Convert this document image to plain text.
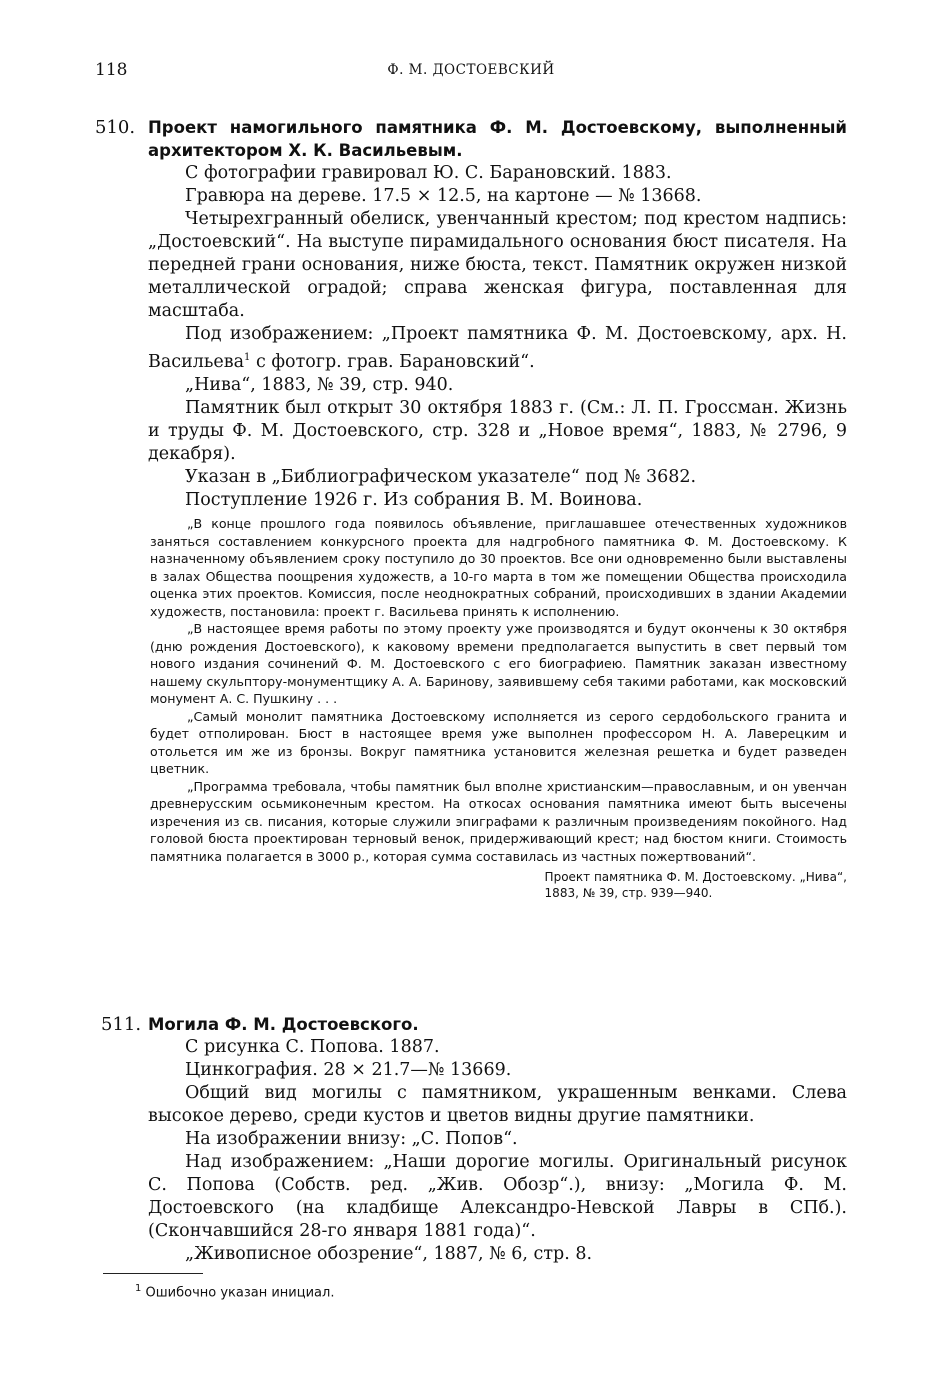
118	Ф. М. ДОСТОЕВСКИЙ
510. Проект намогильного памятника Ф. М. Достоевскому, выполненный архитектором Х. К. Васильевым.

С фотографии гравировал Ю. С. Барановский. 1883.

Гравюра на дереве. 17.5 × 12.5, на картоне — № 13668.

Четырехгранный обелиск, увенчанный крестом; под крестом надпись: „Достоевский“. На выступе пирамидального основания бюст писателя. На передней грани основания, ниже бюста, текст. Памятник окружен низкой металлической оградой; справа женская фигура, поставленная для масштаба.

Под изображением: „Проект памятника Ф. М. Достоевскому, арх. Н. Васильева$^1$ с фотогр. грав. Барановский“.

„Нива“, 1883, № 39, стр. 940.

Памятник был открыт 30 октября 1883 г. (См.: Л. П. Гроссман. Жизнь и труды Ф. М. Достоевского, стр. 328 и „Новое время“, 1883, № 2796, 9 декабря).

Указан в „Библиографическом указателе“ под № 3682.

Поступление 1926 г. Из собрания В. М. Воинова.

„В конце прошлого года появилось объявление, приглашавшее отечественных художников заняться составлением конкурсного проекта для надгробного памятника Ф. М. Достоевскому. К назначенному объявлением сроку поступило до 30 проектов. Все они одновременно были выставлены в залах Общества поощрения художеств, а 10-го марта в том же помещении Общества происходила оценка этих проектов. Комиссия, после неоднократных собраний, происходивших в здании Академии художеств, постановила: проект г. Васильева принять к исполнению.

„В настоящее время работы по этому проекту уже производятся и будут окончены к 30 октября (дню рождения Достоевского), к каковому времени предполагается выпустить в свет первый том нового издания сочинений Ф. М. Достоевского с его биографиею. Памятник заказан известному нашему скульптору-монументщику А. А. Баринову, заявившему себя такими работами, как московский монумент А. С. Пушкину . . .

„Самый монолит памятника Достоевскому исполняется из серого сердобольского гранита и будет отполирован. Бюст в настоящее время уже выполнен профессором Н. А. Лаверецким и отольется им же из бронзы. Вокруг памятника установится железная решетка и будет разведен цветник.

„Программа требовала, чтобы памятник был вполне христианским—православным, и он увенчан древнерусским осьмиконечным крестом. На откосах основания памятника имеют быть высечены изречения из св. писания, которые служили эпиграфами к различным произведениям покойного. Над головой бюста проектирован терновый венок, придерживающий крест; над бюстом книги. Стоимость памятника полагается в 3000 р., которая сумма составилась из частных пожертвований“.

Проект памятника Ф. М. Достоевскому. „Нива“,
1883, № 39, стр. 939—940.
511. Могила Ф. М. Достоевского.

С рисунка С. Попова. 1887.

Цинкография. 28 × 21.7—№ 13669.

Общий вид могилы с памятником, украшенным венками. Слева высокое дерево, среди кустов и цветов видны другие памятники.

На изображении внизу: „С. Попов“.

Над изображением: „Наши дорогие могилы. Оригинальный рисунок С. Попова (Собств. ред. „Жив. Обозр“.), внизу: „Могила Ф. М. Достоевского (на кладбище Александро-Невской Лавры в СПб.). (Скончавшийся 28-го января 1881 года)“.

„Живописное обозрение“, 1887, № 6, стр. 8.

$^1$ Ошибочно указан инициал.
